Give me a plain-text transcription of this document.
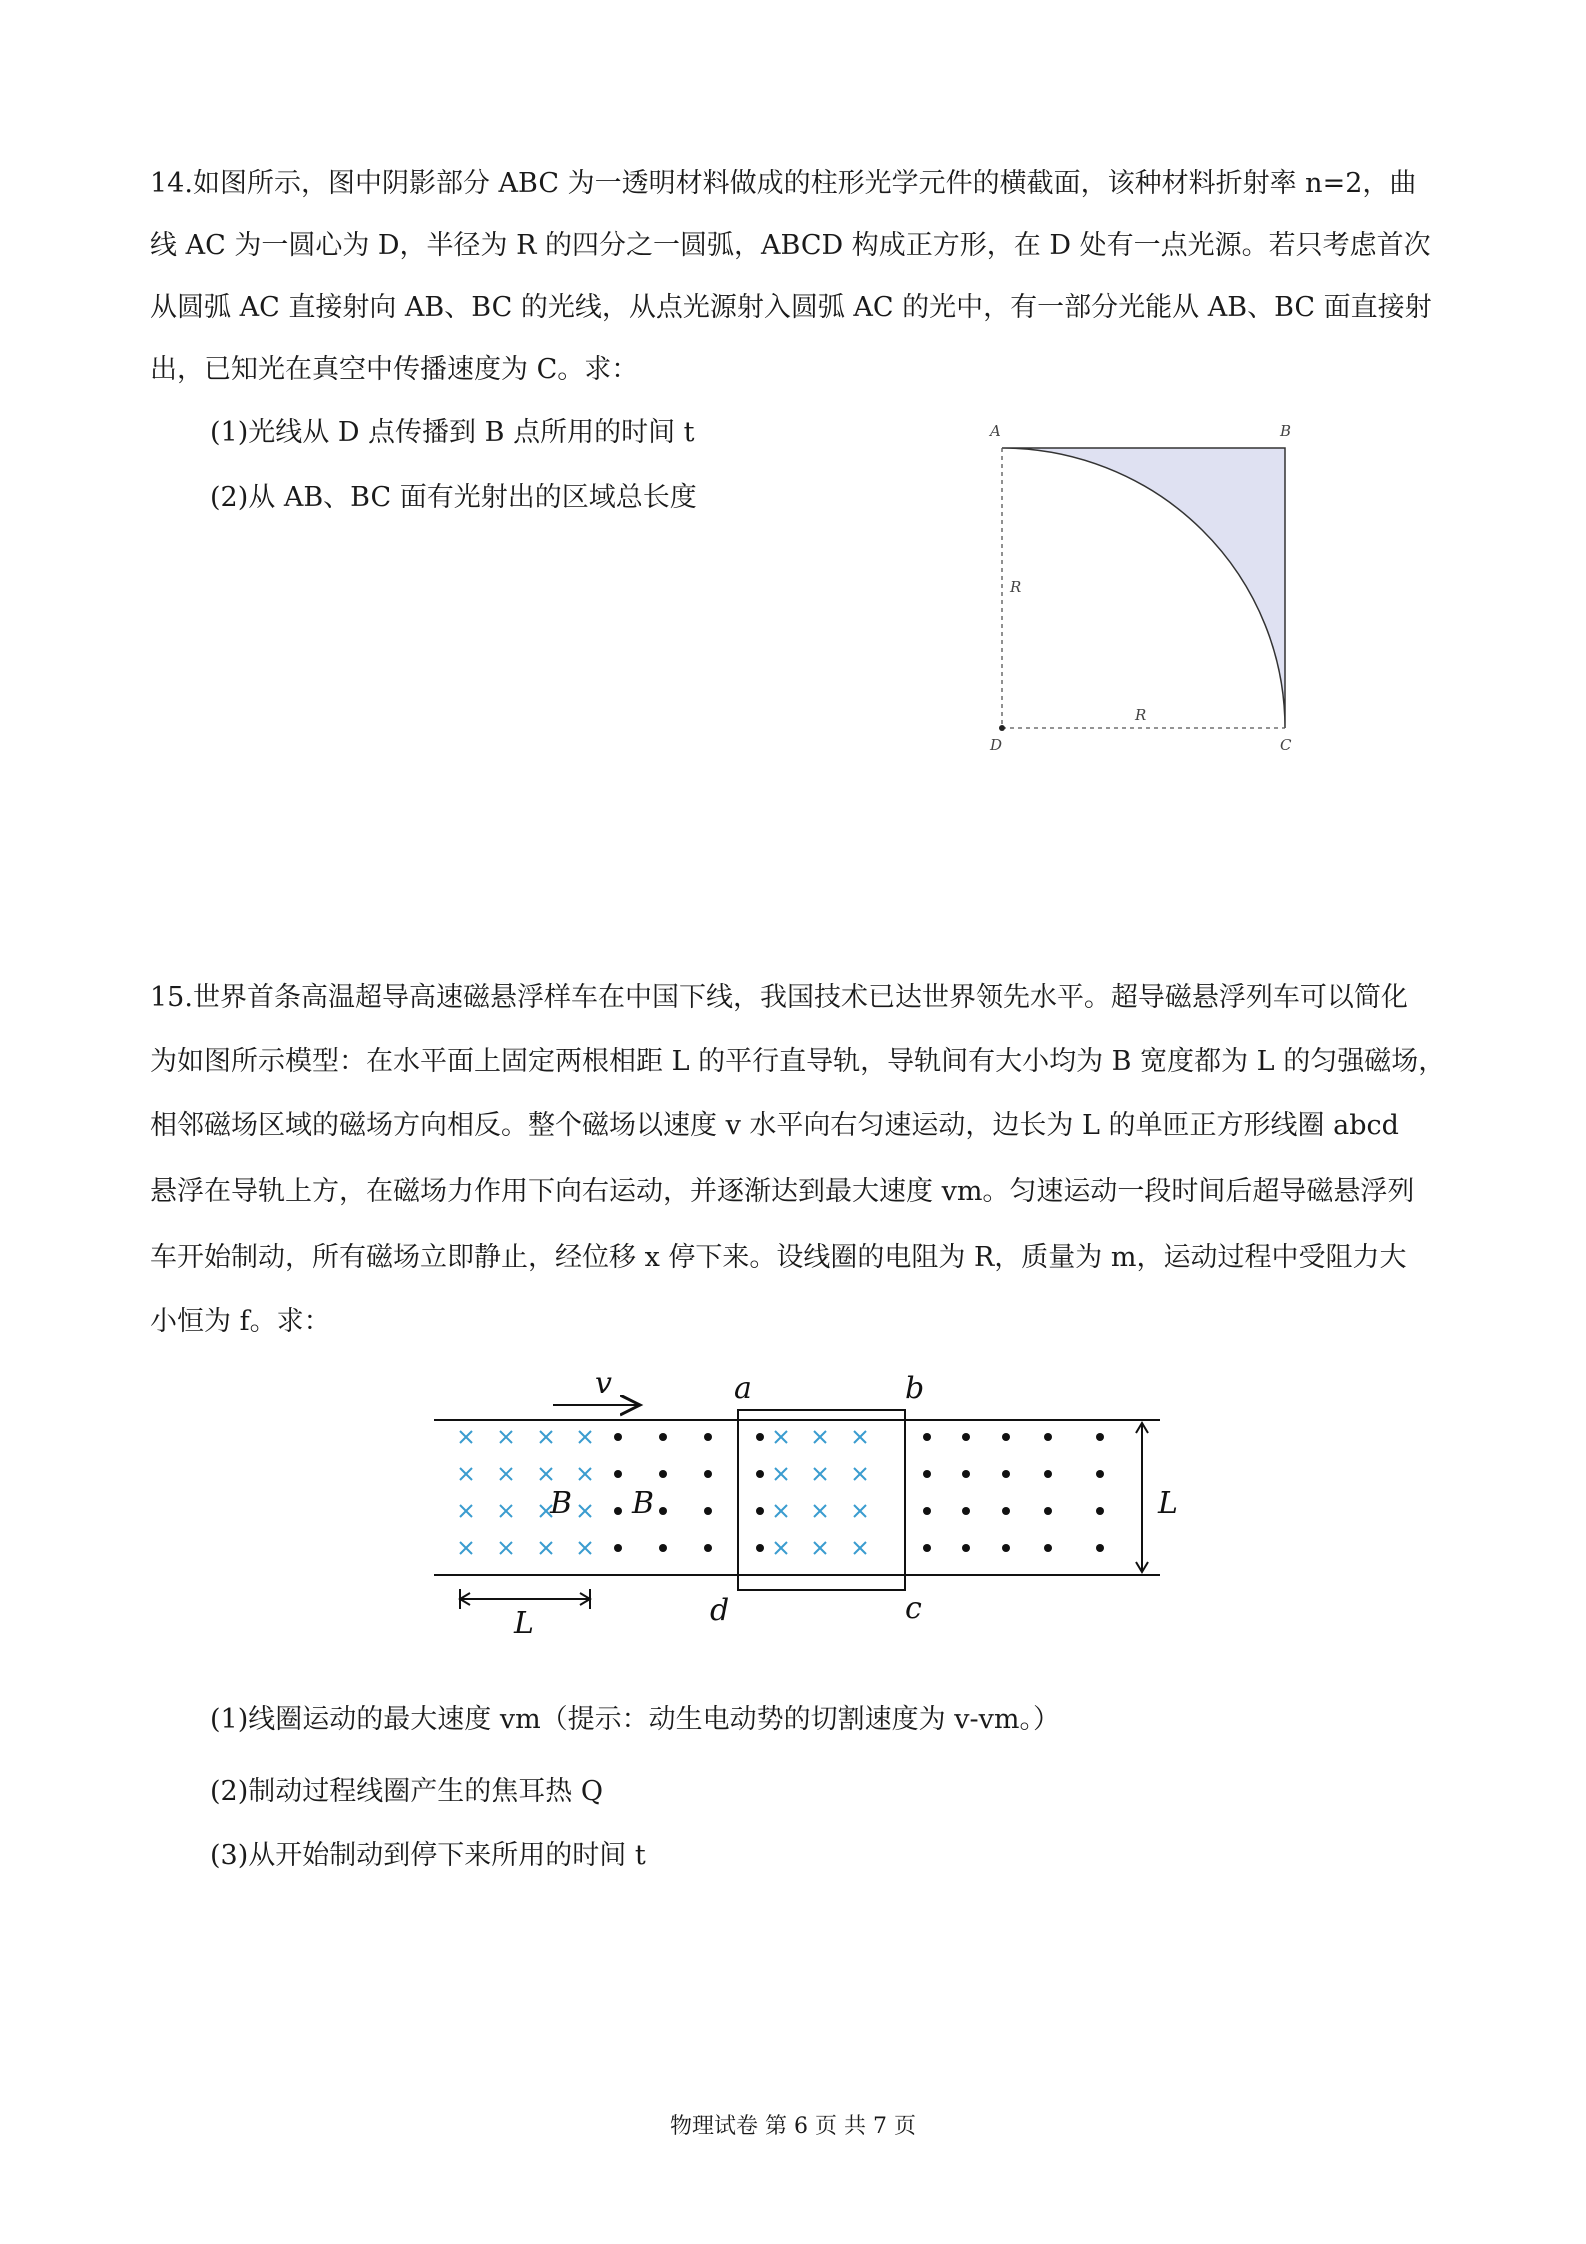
14.如图所示，图中阴影部分 ABC 为一透明材料做成的柱形光学元件的横截面，该种材料折射率 n=2，曲
线 AC 为一圆心为 D，半径为 R 的四分之一圆弧，ABCD 构成正方形，在 D 处有一点光源。若只考虑首次
从圆弧 AC 直接射向 AB、BC 的光线，从点光源射入圆弧 AC 的光中，有一部分光能从 AB、BC 面直接射
出，已知光在真空中传播速度为 C。求：
(1)光线从 D 点传播到 B 点所用的时间 t
(2)从 AB、BC 面有光射出的区域总长度
A	B
C
D
R
R
15.世界首条高温超导高速磁悬浮样车在中国下线，我国技术已达世界领先水平。超导磁悬浮列车可以简化
为如图所示模型：在水平面上固定两根相距 L 的平行直导轨，导轨间有大小均为 B 宽度都为 L 的匀强磁场，
相邻磁场区域的磁场方向相反。整个磁场以速度 v 水平向右匀速运动，边长为 L 的单匝正方形线圈 abcd
悬浮在导轨上方，在磁场力作用下向右运动，并逐渐达到最大速度 vm。匀速运动一段时间后超导磁悬浮列
车开始制动，所有磁场立即静止，经位移 x 停下来。设线圈的电阻为 R，质量为 m，运动过程中受阻力大
小恒为 f。求：
v	a	b
c
d
B B	L
L
(1)线圈运动的最大速度 vm（提示：动生电动势的切割速度为 v-vm。）
(2)制动过程线圈产生的焦耳热 Q
(3)从开始制动到停下来所用的时间 t
物理试卷 第 6 页 共 7 页
